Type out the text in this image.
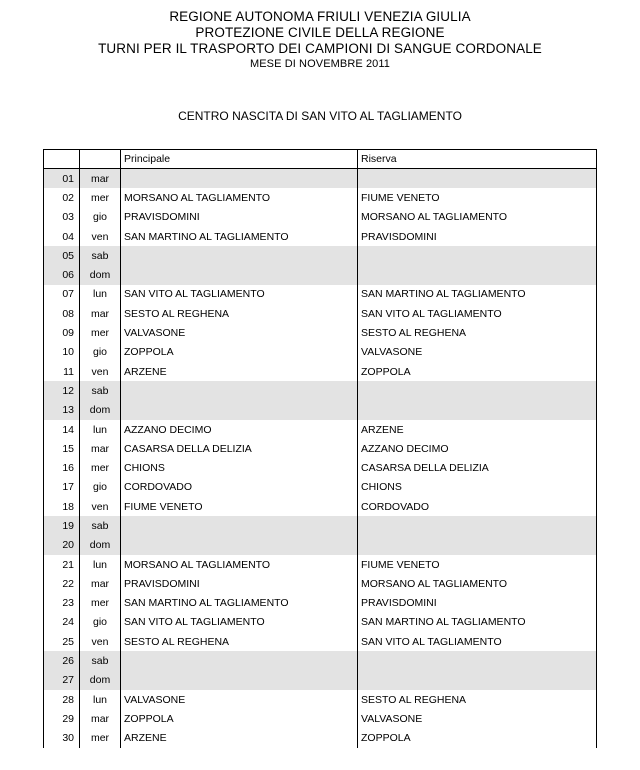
REGIONE AUTONOMA FRIULI VENEZIA GIULIA
PROTEZIONE CIVILE DELLA REGIONE
TURNI PER IL TRASPORTO DEI CAMPIONI DI SANGUE CORDONALE
MESE DI NOVEMBRE 2011
CENTRO NASCITA DI SAN VITO AL TAGLIAMENTO
		Principale	Riserva
01	mar		
02	mer	MORSANO AL TAGLIAMENTO	FIUME VENETO
03	gio	PRAVISDOMINI	MORSANO AL TAGLIAMENTO
04	ven	SAN MARTINO AL TAGLIAMENTO	PRAVISDOMINI
05	sab		
06	dom		
07	lun	SAN VITO AL TAGLIAMENTO	SAN MARTINO AL TAGLIAMENTO
08	mar	SESTO AL REGHENA	SAN VITO AL TAGLIAMENTO
09	mer	VALVASONE	SESTO AL REGHENA
10	gio	ZOPPOLA	VALVASONE
11	ven	ARZENE	ZOPPOLA
12	sab		
13	dom		
14	lun	AZZANO DECIMO	ARZENE
15	mar	CASARSA DELLA DELIZIA	AZZANO DECIMO
16	mer	CHIONS	CASARSA DELLA DELIZIA
17	gio	CORDOVADO	CHIONS
18	ven	FIUME VENETO	CORDOVADO
19	sab		
20	dom		
21	lun	MORSANO AL TAGLIAMENTO	FIUME VENETO
22	mar	PRAVISDOMINI	MORSANO AL TAGLIAMENTO
23	mer	SAN MARTINO AL TAGLIAMENTO	PRAVISDOMINI
24	gio	SAN VITO AL TAGLIAMENTO	SAN MARTINO AL TAGLIAMENTO
25	ven	SESTO AL REGHENA	SAN VITO AL TAGLIAMENTO
26	sab		
27	dom		
28	lun	VALVASONE	SESTO AL REGHENA
29	mar	ZOPPOLA	VALVASONE
30	mer	ARZENE	ZOPPOLA
